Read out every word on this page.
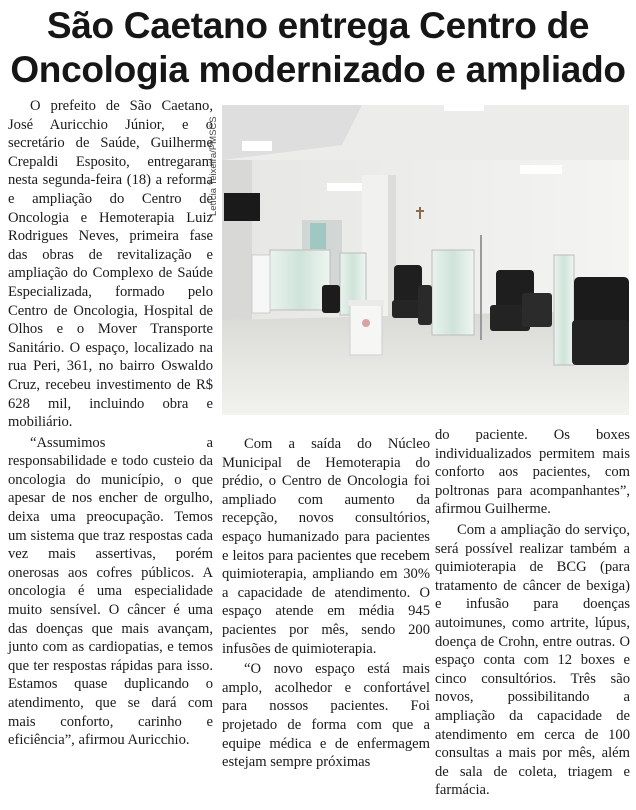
São Caetano entrega Centro de
Oncologia modernizado e ampliado

O prefeito de São Caetano, José Auricchio Júnior, e o secretário de Saúde, Guilherme Crepaldi Esposito, entregaram nesta segunda-feira (18) a reforma e ampliação do Centro de Oncologia e Hemoterapia Luiz Rodrigues Neves, primeira fase das obras de revitalização e ampliação do Complexo de Saúde Especializada, formado pelo Centro de Oncologia, Hospital de Olhos e o Mover Transporte Sanitário. O espaço, localizado na rua Peri, 361, no bairro Oswaldo Cruz, recebeu investimento de R$ 628 mil, incluindo obra e mobiliário.

“Assumimos a responsabilidade e todo custeio da oncologia do município, o que apesar de nos encher de orgulho, deixa uma preocupação. Temos um sistema que traz respostas cada vez mais assertivas, porém onerosas aos cofres públicos. A oncologia é uma especialidade muito sensível. O câncer é uma das doenças que mais avançam, junto com as cardiopatias, e temos que ter respostas rápidas para isso. Estamos quase duplicando o atendimento, que se dará com mais conforto, carinho e eficiência”, afirmou Auricchio.

Letícia Teixeira/PMSCS

Com a saída do Núcleo Municipal de Hemoterapia do prédio, o Centro de Oncologia foi ampliado com aumento da recepção, novos consultórios, espaço humanizado para pacientes e leitos para pacientes que recebem quimioterapia, ampliando em 30% a capacidade de atendimento. O espaço atende em média 945 pacientes por mês, sendo 200 infusões de quimioterapia.

“O novo espaço está mais amplo, acolhedor e confortável para nossos pacientes. Foi projetado de forma com que a equipe médica e de enfermagem estejam sempre próximas

do paciente. Os boxes individualizados permitem mais conforto aos pacientes, com poltronas para acompanhantes”, afirmou Guilherme.

Com a ampliação do serviço, será possível realizar também a quimioterapia de BCG (para tratamento de câncer de bexiga) e infusão para doenças autoimunes, como artrite, lúpus, doença de Crohn, entre outras. O espaço conta com 12 boxes e cinco consultórios. Três são novos, possibilitando a ampliação da capacidade de atendimento em cerca de 100 consultas a mais por mês, além de sala de coleta, triagem e farmácia.
